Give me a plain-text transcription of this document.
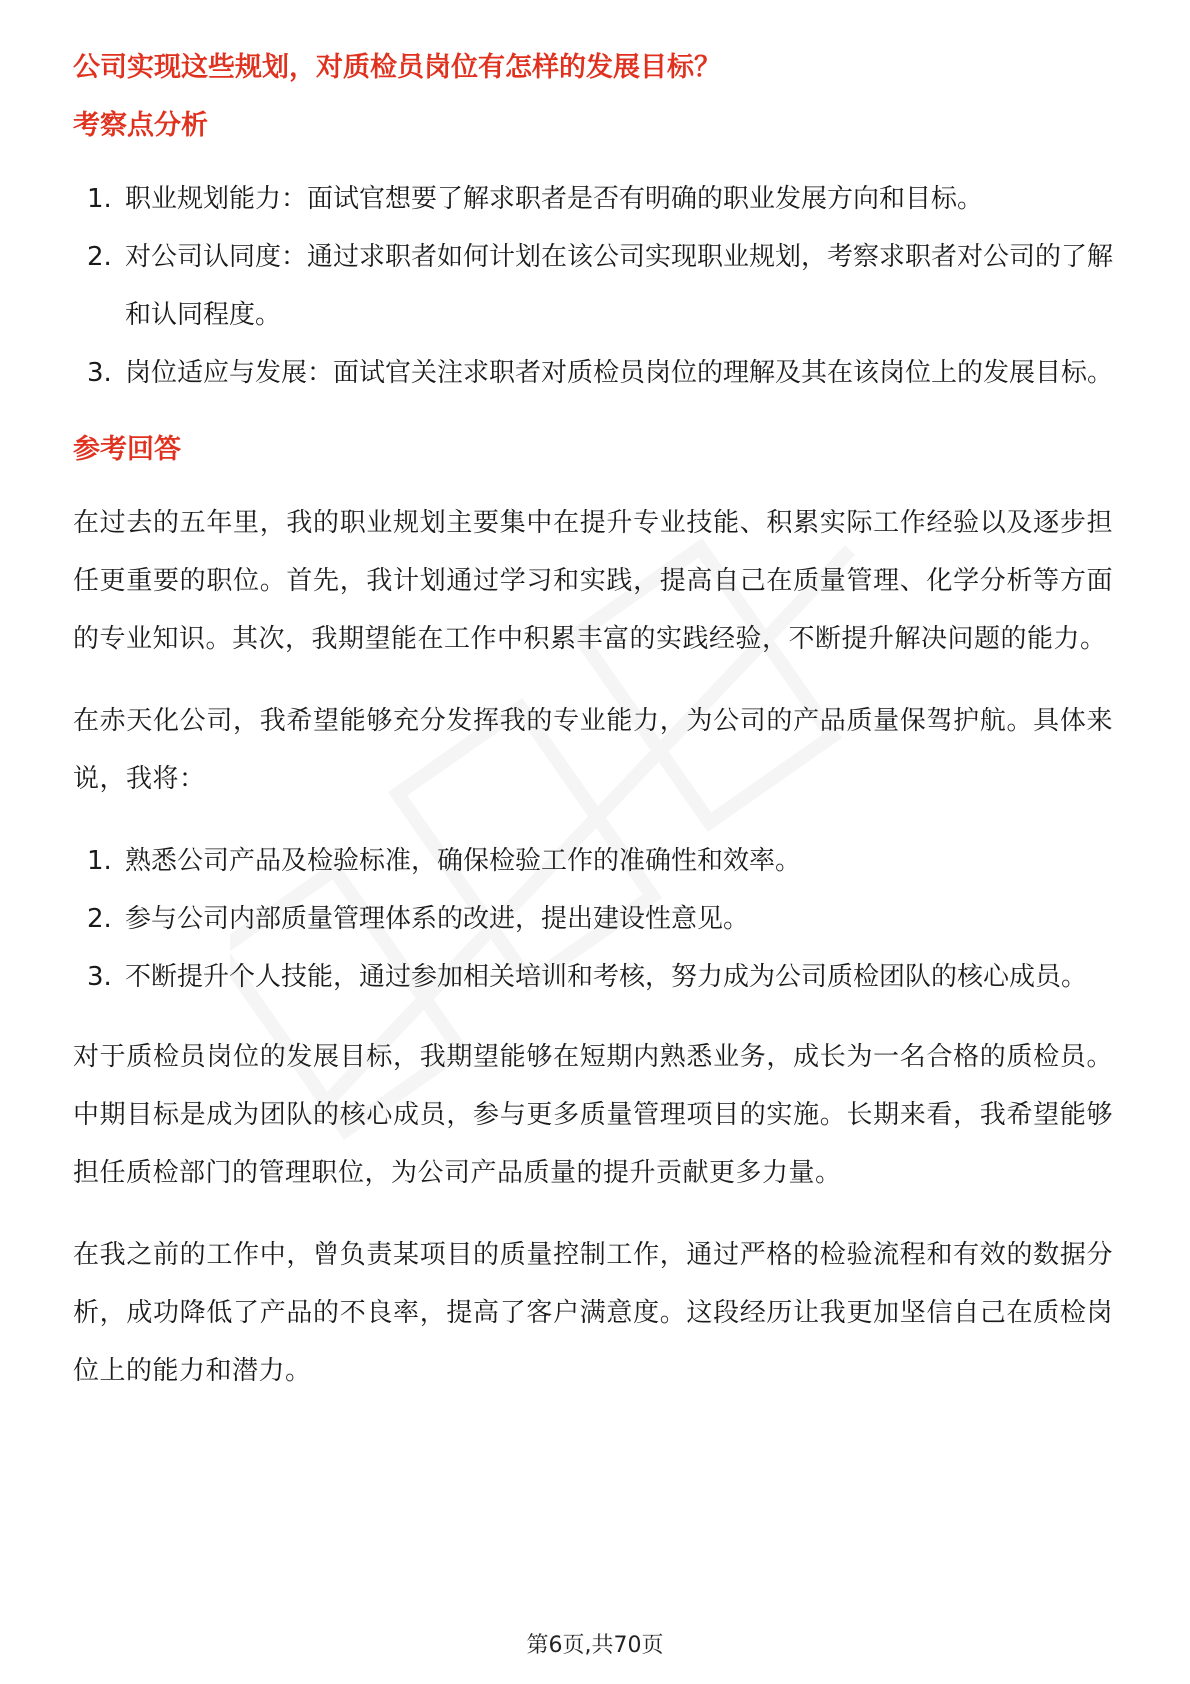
公司实现这些规划，对质检员岗位有怎样的发展目标？
考察点分析
1. 职业规划能力：面试官想要了解求职者是否有明确的职业发展方向和目标。
2. 对公司认同度：通过求职者如何计划在该公司实现职业规划，考察求职者对公司的了解和认同程度。
3. 岗位适应与发展：面试官关注求职者对质检员岗位的理解及其在该岗位上的发展目标。
参考回答

在过去的五年里，我的职业规划主要集中在提升专业技能、积累实际工作经验以及逐步担任更重要的职位。首先，我计划通过学习和实践，提高自己在质量管理、化学分析等方面的专业知识。其次，我期望能在工作中积累丰富的实践经验，不断提升解决问题的能力。

在赤天化公司，我希望能够充分发挥我的专业能力，为公司的产品质量保驾护航。具体来说，我将：

1. 熟悉公司产品及检验标准，确保检验工作的准确性和效率。
2. 参与公司内部质量管理体系的改进，提出建设性意见。
3. 不断提升个人技能，通过参加相关培训和考核，努力成为公司质检团队的核心成员。

对于质检员岗位的发展目标，我期望能够在短期内熟悉业务，成长为一名合格的质检员。中期目标是成为团队的核心成员，参与更多质量管理项目的实施。长期来看，我希望能够担任质检部门的管理职位，为公司产品质量的提升贡献更多力量。

在我之前的工作中，曾负责某项目的质量控制工作，通过严格的检验流程和有效的数据分析，成功降低了产品的不良率，提高了客户满意度。这段经历让我更加坚信自己在质检岗位上的能力和潜力。

第6页,共70页
